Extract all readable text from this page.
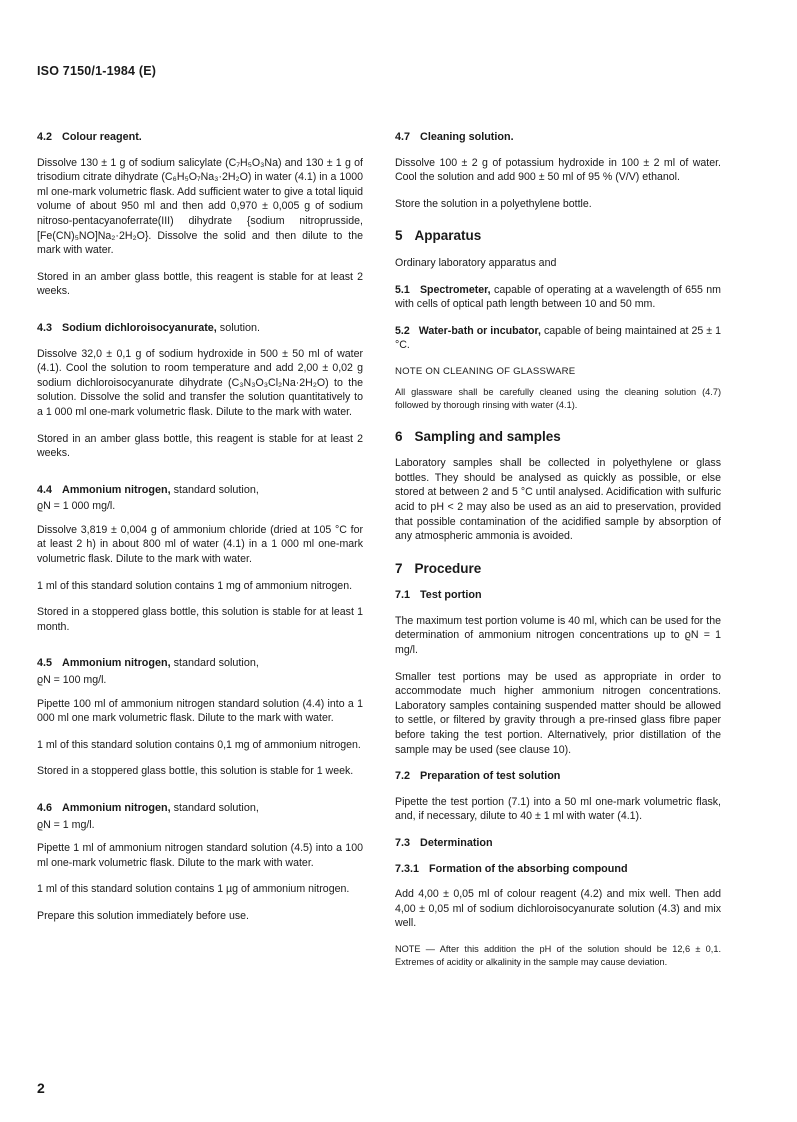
ISO 7150/1-1984 (E)
4.2 Colour reagent.

Dissolve 130 ± 1 g of sodium salicylate (C₇H₅O₃Na) and 130 ± 1 g of trisodium citrate dihydrate (C₆H₅O₇Na₃·2H₂O) in water (4.1) in a 1000 ml one-mark volumetric flask. Add sufficient water to give a total liquid volume of about 950 ml and then add 0,970 ± 0,005 g of sodium nitroso-pentacyanoferrate(III) dihydrate {sodium nitroprusside, [Fe(CN)₅NO]Na₂·2H₂O}. Dissolve the solid and then dilute to the mark with water.

Stored in an amber glass bottle, this reagent is stable for at least 2 weeks.

4.3 Sodium dichloroisocyanurate, solution.

Dissolve 32,0 ± 0,1 g of sodium hydroxide in 500 ± 50 ml of water (4.1). Cool the solution to room temperature and add 2,00 ± 0,02 g sodium dichloroisocyanurate dihydrate (C₃N₃O₃Cl₂Na·2H₂O) to the solution. Dissolve the solid and transfer the solution quantitatively to a 1 000 ml one-mark volumetric flask. Dilute to the mark with water.

Stored in an amber glass bottle, this reagent is stable for at least 2 weeks.

4.4 Ammonium nitrogen, standard solution,

ϱN = 1 000 mg/l.

Dissolve 3,819 ± 0,004 g of ammonium chloride (dried at 105 °C for at least 2 h) in about 800 ml of water (4.1) in a 1 000 ml one-mark volumetric flask. Dilute to the mark with water.

1 ml of this standard solution contains 1 mg of ammonium nitrogen.

Stored in a stoppered glass bottle, this solution is stable for at least 1 month.

4.5 Ammonium nitrogen, standard solution,

ϱN = 100 mg/l.

Pipette 100 ml of ammonium nitrogen standard solution (4.4) into a 1 000 ml one mark volumetric flask. Dilute to the mark with water.

1 ml of this standard solution contains 0,1 mg of ammonium nitrogen.

Stored in a stoppered glass bottle, this solution is stable for 1 week.

4.6 Ammonium nitrogen, standard solution,

ϱN = 1 mg/l.

Pipette 1 ml of ammonium nitrogen standard solution (4.5) into a 100 ml one-mark volumetric flask. Dilute to the mark with water.

1 ml of this standard solution contains 1 µg of ammonium nitrogen.

Prepare this solution immediately before use.

4.7 Cleaning solution.

Dissolve 100 ± 2 g of potassium hydroxide in 100 ± 2 ml of water. Cool the solution and add 900 ± 50 ml of 95 % (V/V) ethanol.

Store the solution in a polyethylene bottle.

5 Apparatus

Ordinary laboratory apparatus and

5.1 Spectrometer, capable of operating at a wavelength of 655 nm with cells of optical path length between 10 and 50 mm.

5.2 Water-bath or incubator, capable of being maintained at 25 ± 1 °C.

NOTE ON CLEANING OF GLASSWARE

All glassware shall be carefully cleaned using the cleaning solution (4.7) followed by thorough rinsing with water (4.1).

6 Sampling and samples

Laboratory samples shall be collected in polyethylene or glass bottles. They should be analysed as quickly as possible, or else stored at between 2 and 5 °C until analysed. Acidification with sulfuric acid to pH < 2 may also be used as an aid to preservation, provided that possible contamination of the acidified sample by absorption of any atmospheric ammonia is avoided.

7 Procedure
7.1 Test portion

The maximum test portion volume is 40 ml, which can be used for the determination of ammonium nitrogen concentrations up to ϱN = 1 mg/l.

Smaller test portions may be used as appropriate in order to accommodate much higher ammonium nitrogen concentrations. Laboratory samples containing suspended matter should be allowed to settle, or filtered by gravity through a pre-rinsed glass fibre paper before taking the test portion. Alternatively, prior distillation of the sample may be used (see clause 10).

7.2 Preparation of test solution

Pipette the test portion (7.1) into a 50 ml one-mark volumetric flask, and, if necessary, dilute to 40 ± 1 ml with water (4.1).

7.3 Determination
7.3.1 Formation of the absorbing compound

Add 4,00 ± 0,05 ml of colour reagent (4.2) and mix well. Then add 4,00 ± 0,05 ml of sodium dichloroisocyanurate solution (4.3) and mix well.

NOTE — After this addition the pH of the solution should be 12,6 ± 0,1. Extremes of acidity or alkalinity in the sample may cause deviation.

2
